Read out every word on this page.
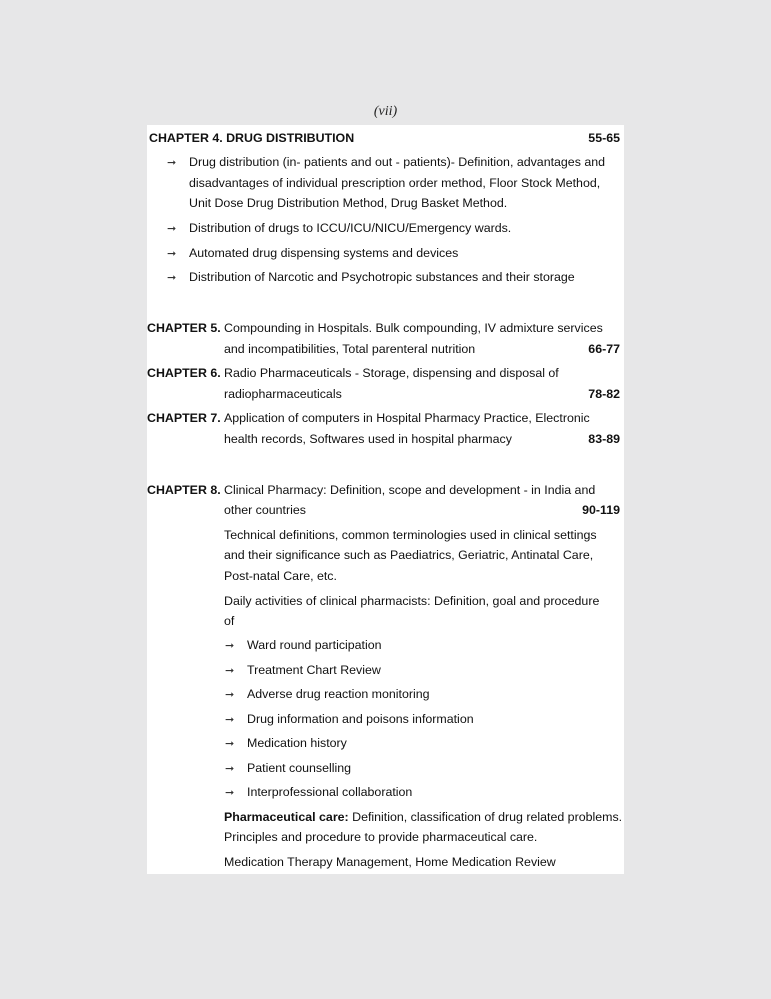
(vii)
CHAPTER 4. DRUG DISTRIBUTION	55-65
➞ Drug distribution (in- patients and out - patients)- Definition, advantages and
disadvantages of individual prescription order method, Floor Stock Method,
Unit Dose Drug Distribution Method, Drug Basket Method.
➞ Distribution of drugs to ICCU/ICU/NICU/Emergency wards.
➞ Automated drug dispensing systems and devices
➞ Distribution of Narcotic and Psychotropic substances and their storage
CHAPTER 5. Compounding in Hospitals. Bulk compounding, IV admixture services
and incompatibilities, Total parenteral nutrition	66-77
CHAPTER 6. Radio Pharmaceuticals - Storage, dispensing and disposal of
radiopharmaceuticals	78-82
CHAPTER 7. Application of computers in Hospital Pharmacy Practice, Electronic
health records, Softwares used in hospital pharmacy	83-89
CHAPTER 8. Clinical Pharmacy: Definition, scope and development - in India and
other countries	90-119
Technical definitions, common terminologies used in clinical settings
and their significance such as Paediatrics, Geriatric, Antinatal Care,
Post-natal Care, etc.
Daily activities of clinical pharmacists: Definition, goal and procedure
of
➞ Ward round participation
➞ Treatment Chart Review
➞ Adverse drug reaction monitoring
➞ Drug information and poisons information
➞ Medication history
➞ Patient counselling
➞ Interprofessional collaboration
Pharmaceutical care: Definition, classification of drug related problems.
Principles and procedure to provide pharmaceutical care.
Medication Therapy Management, Home Medication Review
